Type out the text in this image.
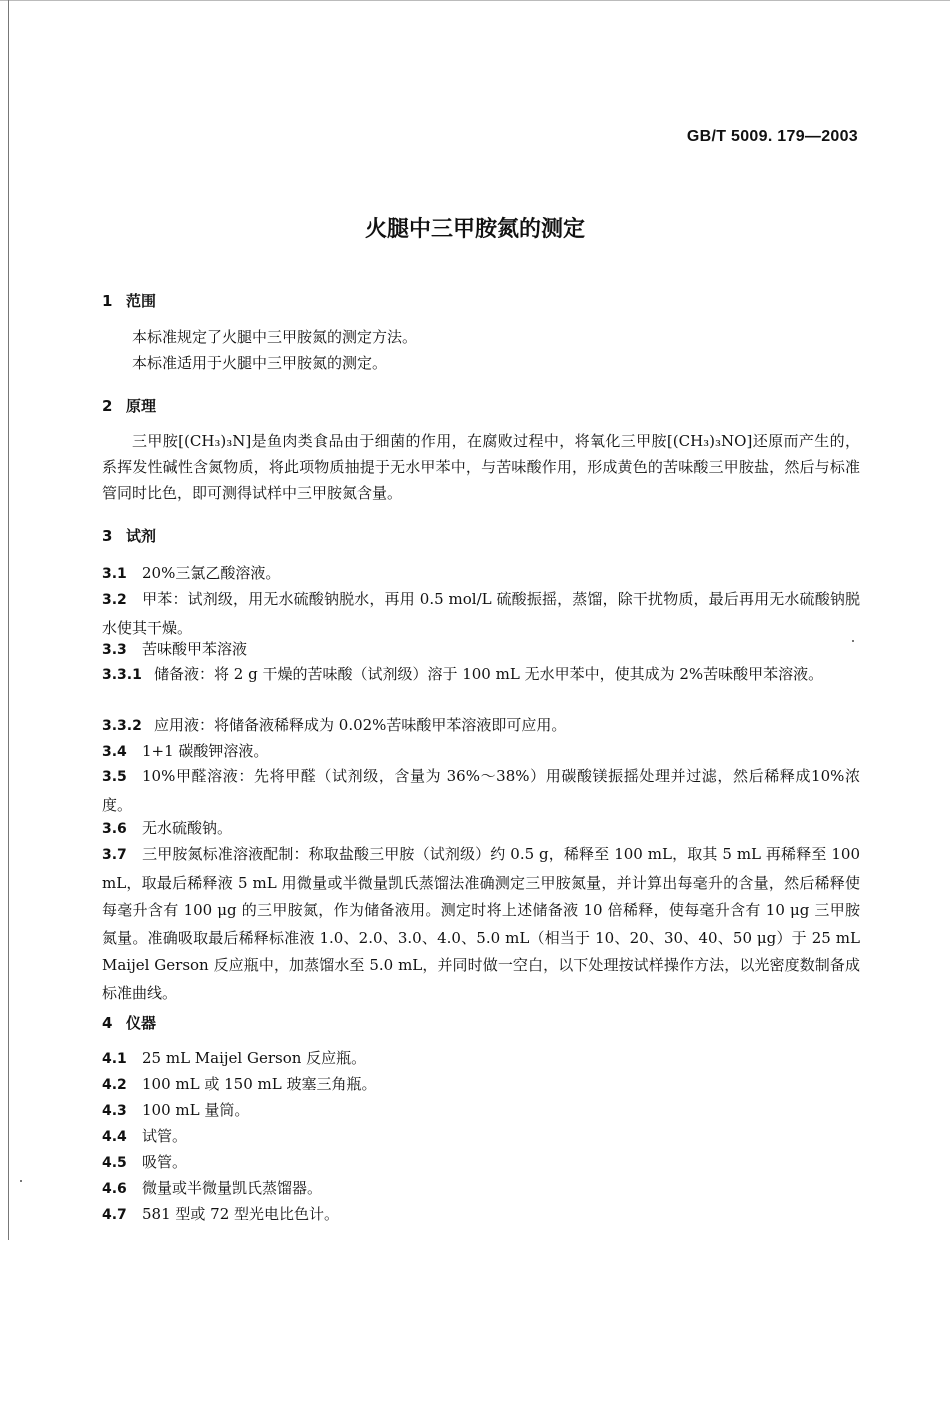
GB/T 5009. 179—2003
火腿中三甲胺氮的测定
1 范围
本标准规定了火腿中三甲胺氮的测定方法。
本标准适用于火腿中三甲胺氮的测定。
2 原理
三甲胺[(CH₃)₃N]是鱼肉类食品由于细菌的作用，在腐败过程中，将氧化三甲胺[(CH₃)₃NO]还原而产生的，系挥发性碱性含氮物质，将此项物质抽提于无水甲苯中，与苦味酸作用，形成黄色的苦味酸三甲胺盐，然后与标准管同时比色，即可测得试样中三甲胺氮含量。
3 试剂
3.1 20%三氯乙酸溶液。
3.2 甲苯：试剂级，用无水硫酸钠脱水，再用 0.5 mol/L 硫酸振摇，蒸馏，除干扰物质，最后再用无水硫酸钠脱水使其干燥。
3.3 苦味酸甲苯溶液
3.3.1 储备液：将 2 g 干燥的苦味酸（试剂级）溶于 100 mL 无水甲苯中，使其成为 2%苦味酸甲苯溶液。
3.3.2 应用液：将储备液稀释成为 0.02%苦味酸甲苯溶液即可应用。
3.4 1+1 碳酸钾溶液。
3.5 10%甲醛溶液：先将甲醛（试剂级，含量为 36%～38%）用碳酸镁振摇处理并过滤，然后稀释成10%浓度。
3.6 无水硫酸钠。
3.7 三甲胺氮标准溶液配制：称取盐酸三甲胺（试剂级）约 0.5 g，稀释至 100 mL，取其 5 mL 再稀释至 100 mL，取最后稀释液 5 mL 用微量或半微量凯氏蒸馏法准确测定三甲胺氮量，并计算出每毫升的含量，然后稀释使每毫升含有 100 μg 的三甲胺氮，作为储备液用。测定时将上述储备液 10 倍稀释，使每毫升含有 10 μg 三甲胺氮量。准确吸取最后稀释标准液 1.0、2.0、3.0、4.0、5.0 mL（相当于 10、20、30、40、50 μg）于 25 mL Maijel Gerson 反应瓶中，加蒸馏水至 5.0 mL，并同时做一空白，以下处理按试样操作方法，以光密度数制备成标准曲线。
4 仪器
4.1 25 mL Maijel Gerson 反应瓶。
4.2 100 mL 或 150 mL 玻塞三角瓶。
4.3 100 mL 量筒。
4.4 试管。
4.5 吸管。
4.6 微量或半微量凯氏蒸馏器。
4.7 581 型或 72 型光电比色计。
